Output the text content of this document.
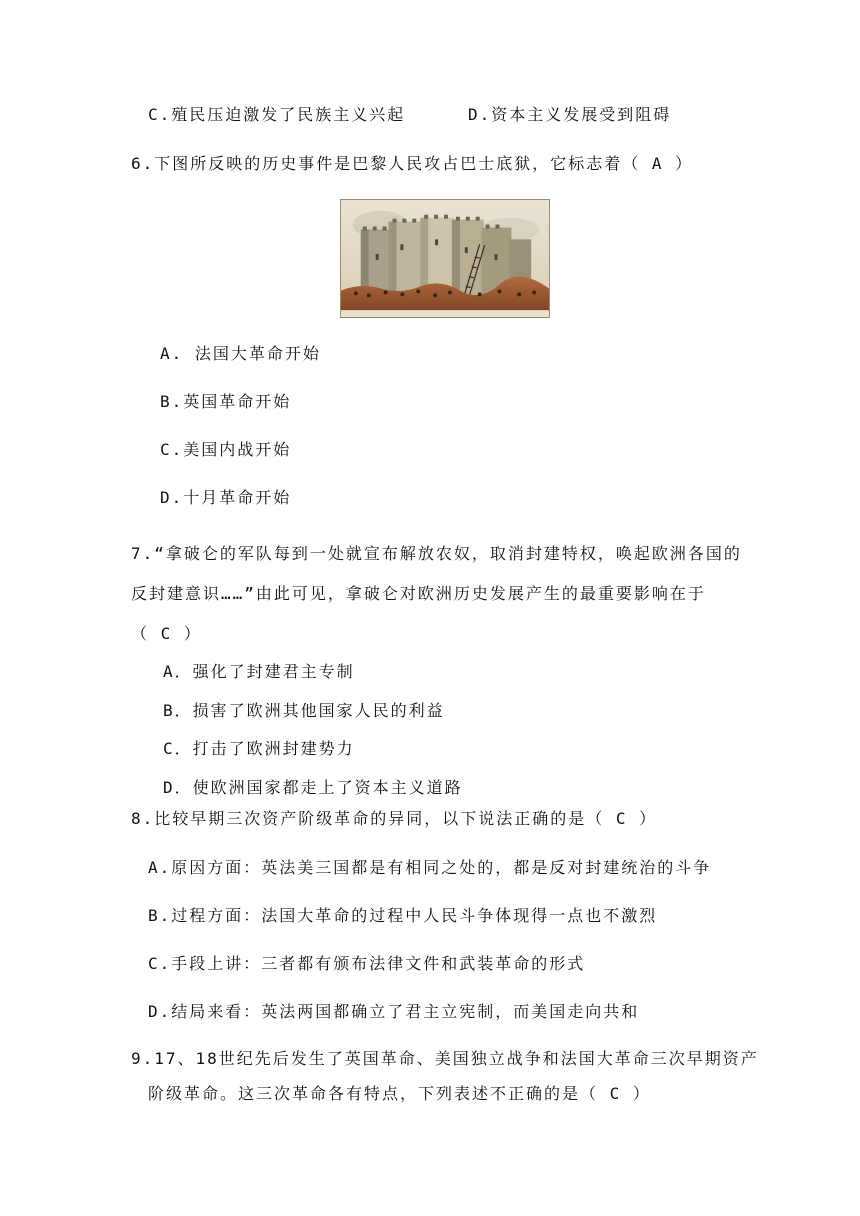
C.殖民压迫激发了民族主义兴起	D.资本主义发展受到阻碍
6.下图所反映的历史事件是巴黎人民攻占巴士底狱，它标志着（ A ）
A. 法国大革命开始
B.英国革命开始
C.美国内战开始
D.十月革命开始
7.“拿破仑的军队每到一处就宣布解放农奴，取消封建特权，唤起欧洲各国的
反封建意识……”由此可见，拿破仑对欧洲历史发展产生的最重要影响在于
（ C ）
A．强化了封建君主专制
B．损害了欧洲其他国家人民的利益
C．打击了欧洲封建势力
D．使欧洲国家都走上了资本主义道路
8.比较早期三次资产阶级革命的异同，以下说法正确的是（ C ）
A.原因方面：英法美三国都是有相同之处的，都是反对封建统治的斗争
B.过程方面：法国大革命的过程中人民斗争体现得一点也不激烈
C.手段上讲：三者都有颁布法律文件和武装革命的形式
D.结局来看：英法两国都确立了君主立宪制，而美国走向共和
9.17、18世纪先后发生了英国革命、美国独立战争和法国大革命三次早期资产
阶级革命。这三次革命各有特点，下列表述不正确的是（ C ）
